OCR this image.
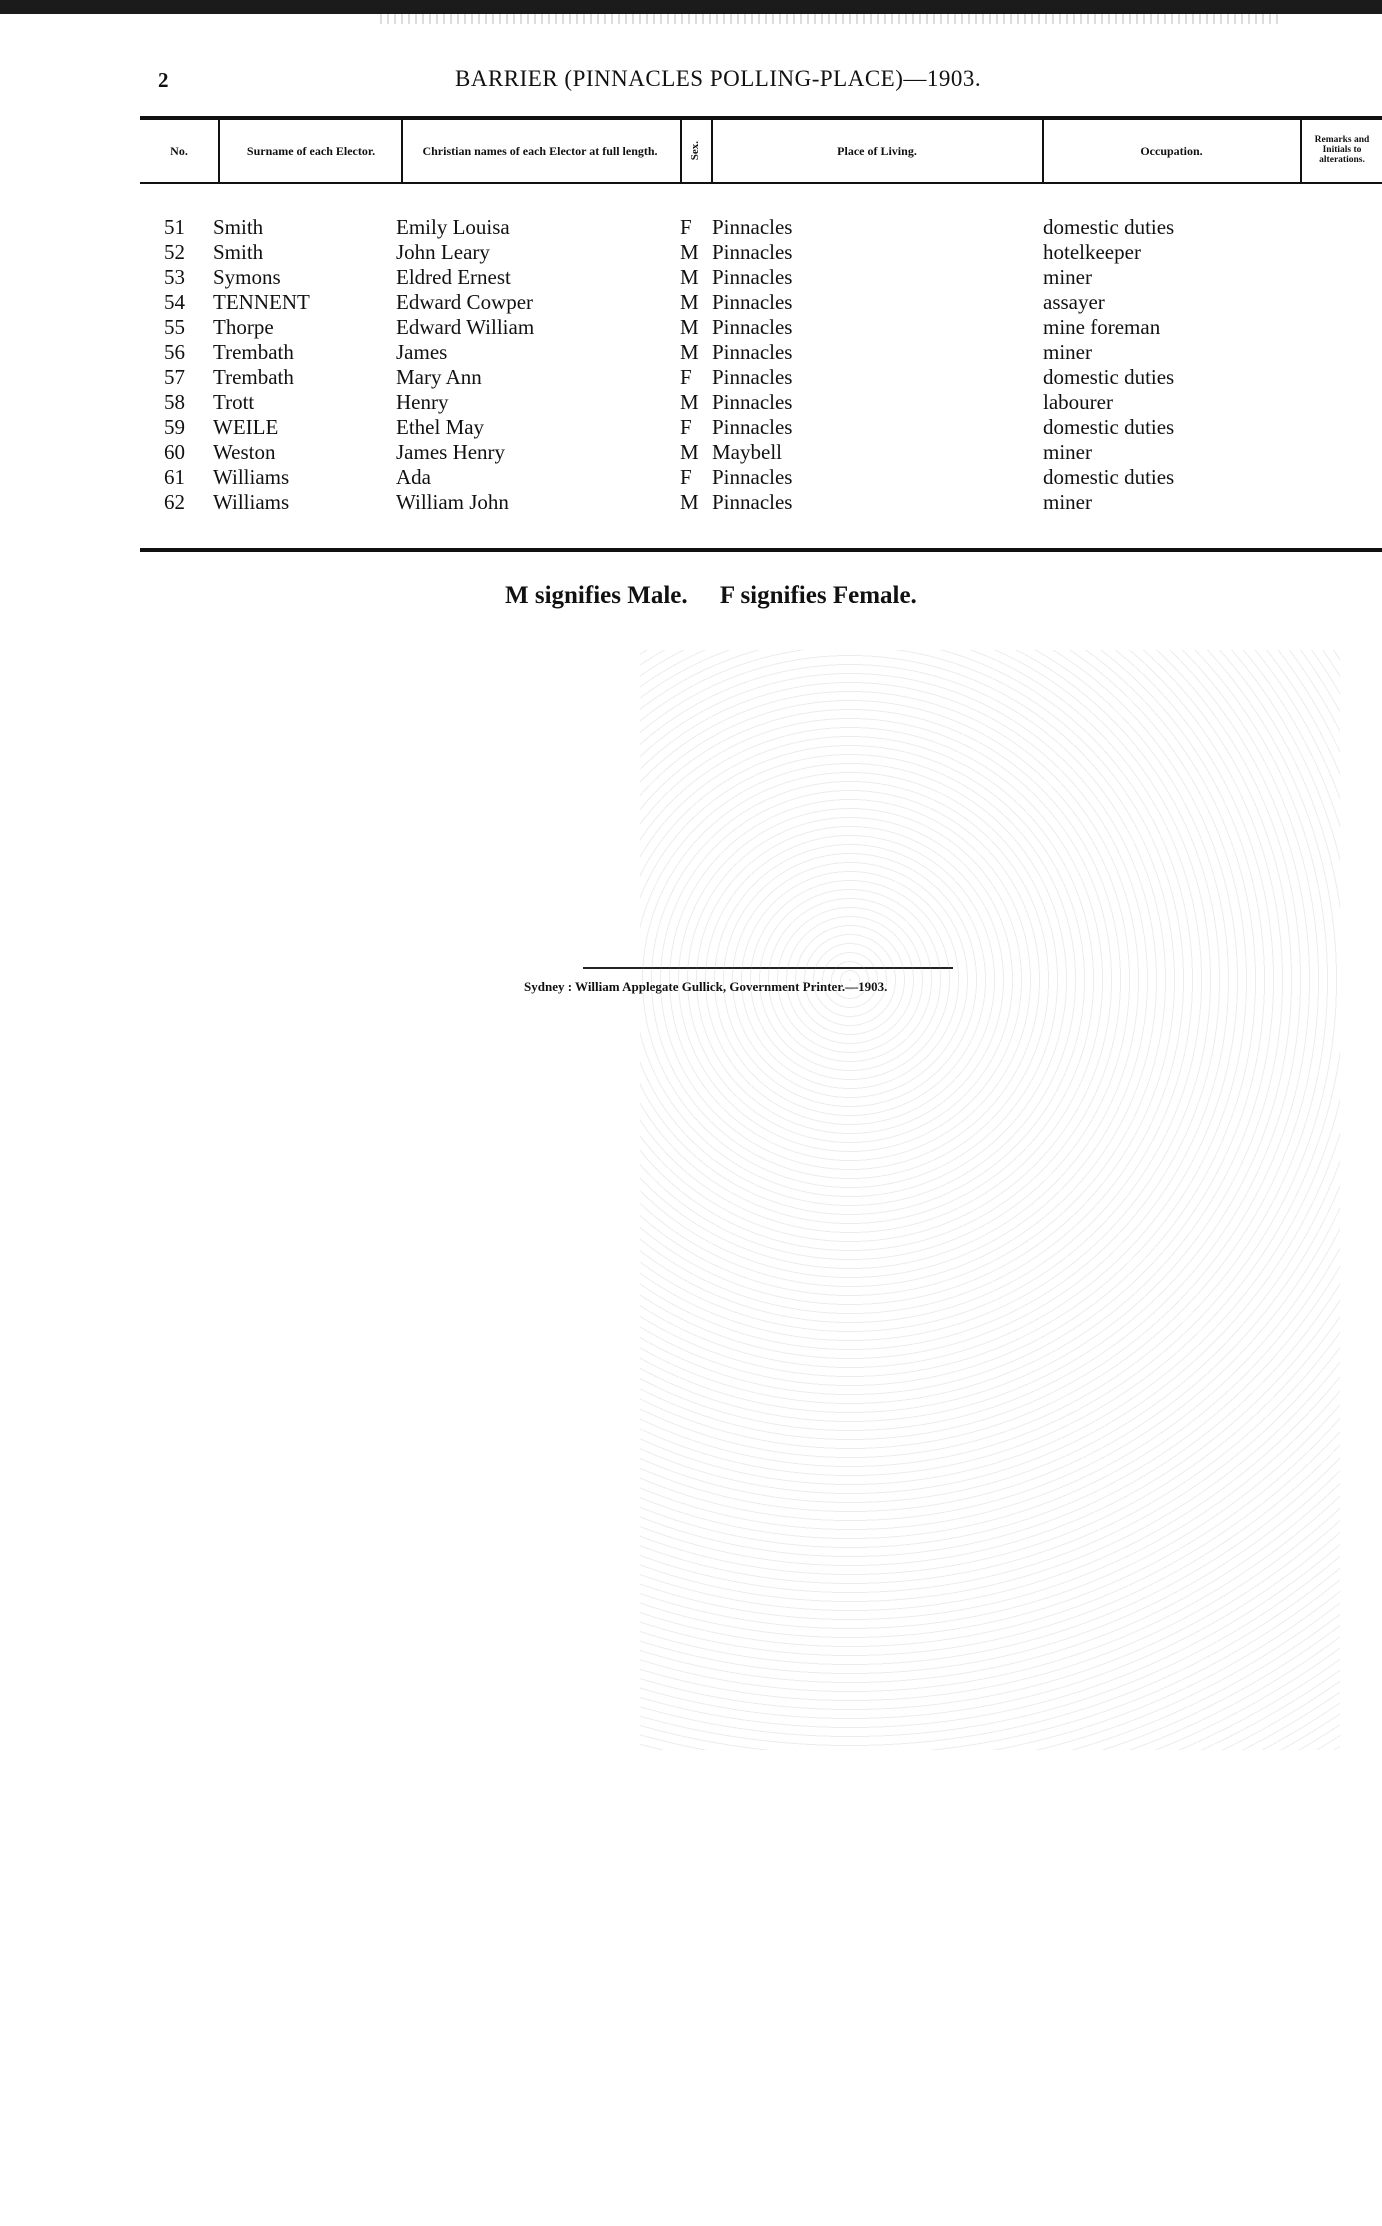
2	BARRIER (PINNACLES POLLING-PLACE)—1903.
No.	Surname of each Elector.	Christian names of each Elector at full length.	Sex.	Place of Living.	Occupation.
Remarks and Initials to alterations.
51 Smith	Emily Louisa	F Pinnacles	domestic duties
52 Smith	John Leary	M Pinnacles	hotelkeeper
53 Symons	Eldred Ernest	M Pinnacles	miner
54 TENNENT	Edward Cowper	M Pinnacles	assayer
55 Thorpe	Edward William	M Pinnacles	mine foreman
56 Trembath	James	M Pinnacles	miner
57 Trembath	Mary Ann	F Pinnacles	domestic duties
58 Trott	Henry	M Pinnacles	labourer
59 WEILE	Ethel May	F Pinnacles	domestic duties
60 Weston	James Henry	M Maybell	miner
61 Williams	Ada	F Pinnacles	domestic duties
62 Williams	William John	M Pinnacles	miner
M signifies Male. F signifies Female.
Sydney : William Applegate Gullick, Government Printer.—1903.
